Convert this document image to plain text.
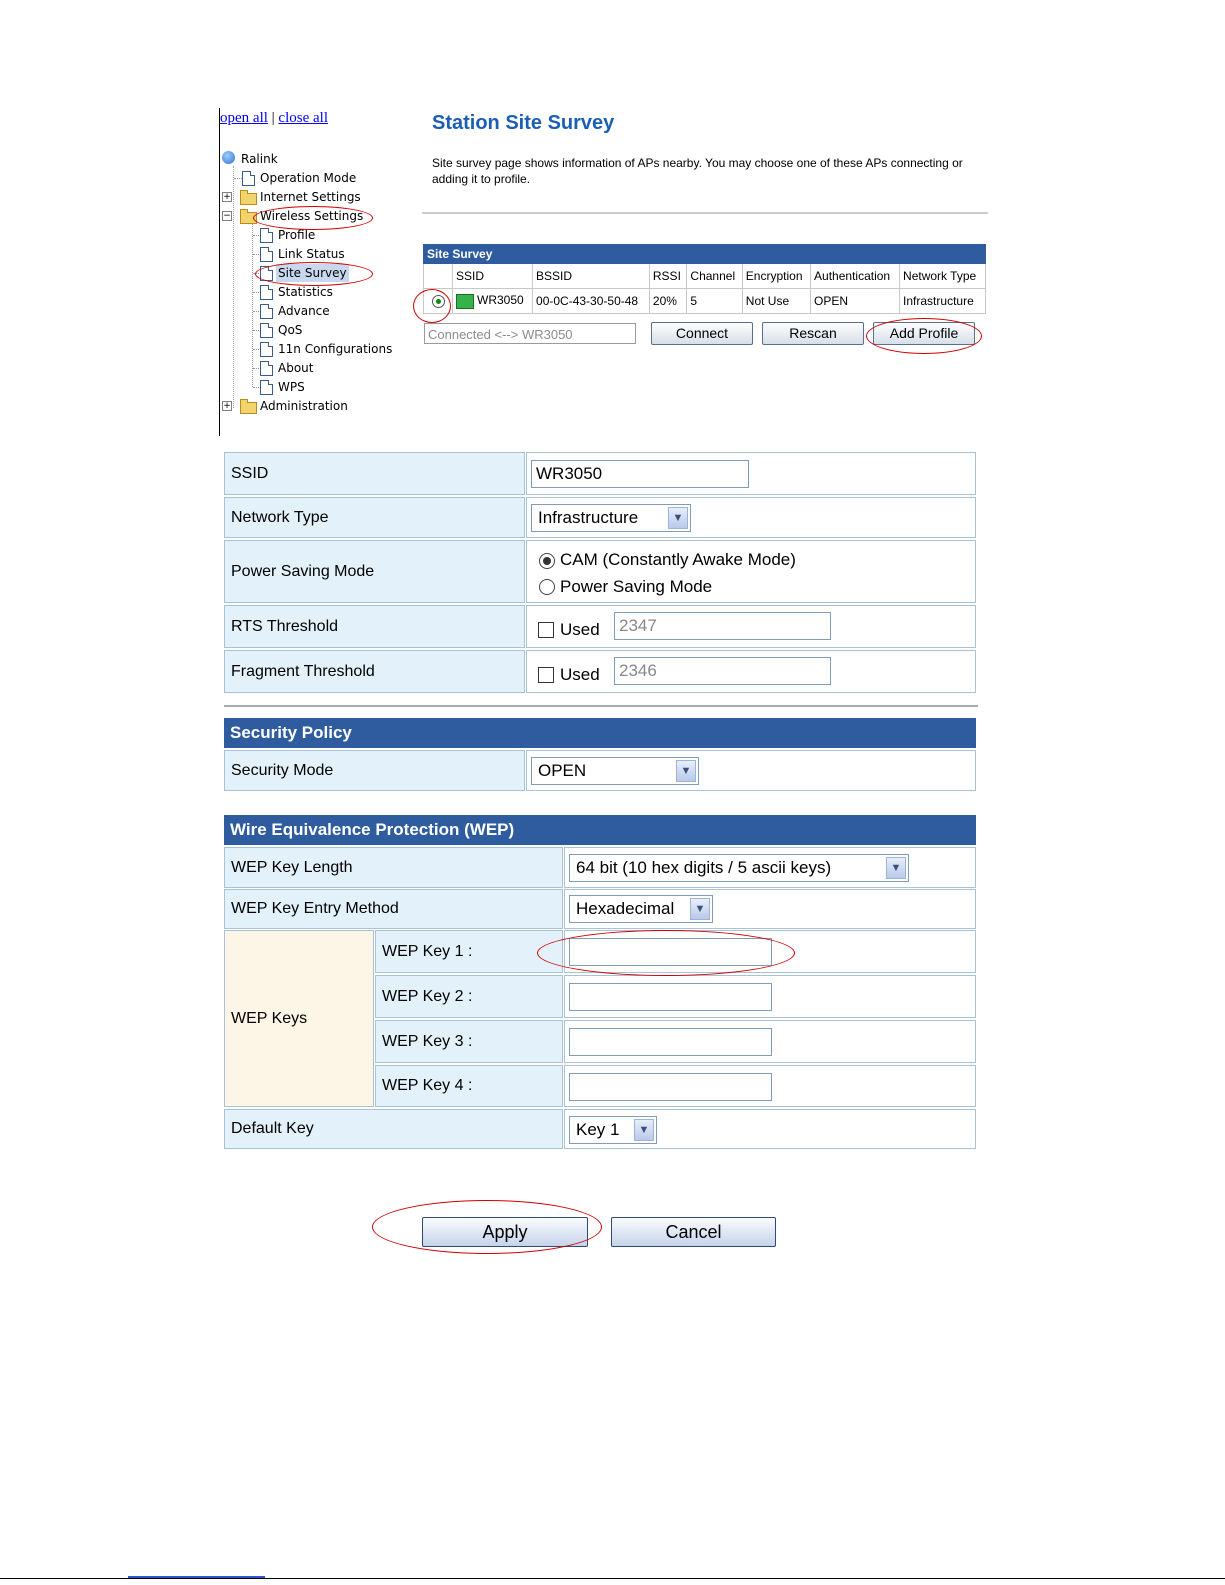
open all | close all
Ralink
Operation Mode
+ Internet Settings
− Wireless Settings
Profile
Link Status
Site Survey
Statistics
Advance
QoS
11n Configurations
About
WPS
+ Administration
Station Site Survey
Site survey page shows information of APs nearby. You may choose one of these APs connecting or adding it to profile.
Site Survey							
	SSID	BSSID	RSSI	Channel	Encryption	Authentication	Network Type
	WR3050	00-0C-43-30-50-48	20%	5	Not Use	OPEN	Infrastructure
Connected <--> WR3050	Connect	Rescan	Add Profile
SSID	WR3050
Network Type	Infrastructure	▼
Power Saving Mode
CAM (Constantly Awake Mode)
Power Saving Mode
RTS Threshold	Used 2347
Fragment Threshold	Used 2346
Security Policy
Security Mode	OPEN	▼
Wire Equivalence Protection (WEP)
WEP Key Length	64 bit (10 hex digits / 5 ascii keys)	▼
WEP Key Entry Method	Hexadecimal	▼
WEP Keys
WEP Key 1 :
WEP Key 2 :
WEP Key 3 :
WEP Key 4 :
Default Key	Key 1	▼
Apply	Cancel
